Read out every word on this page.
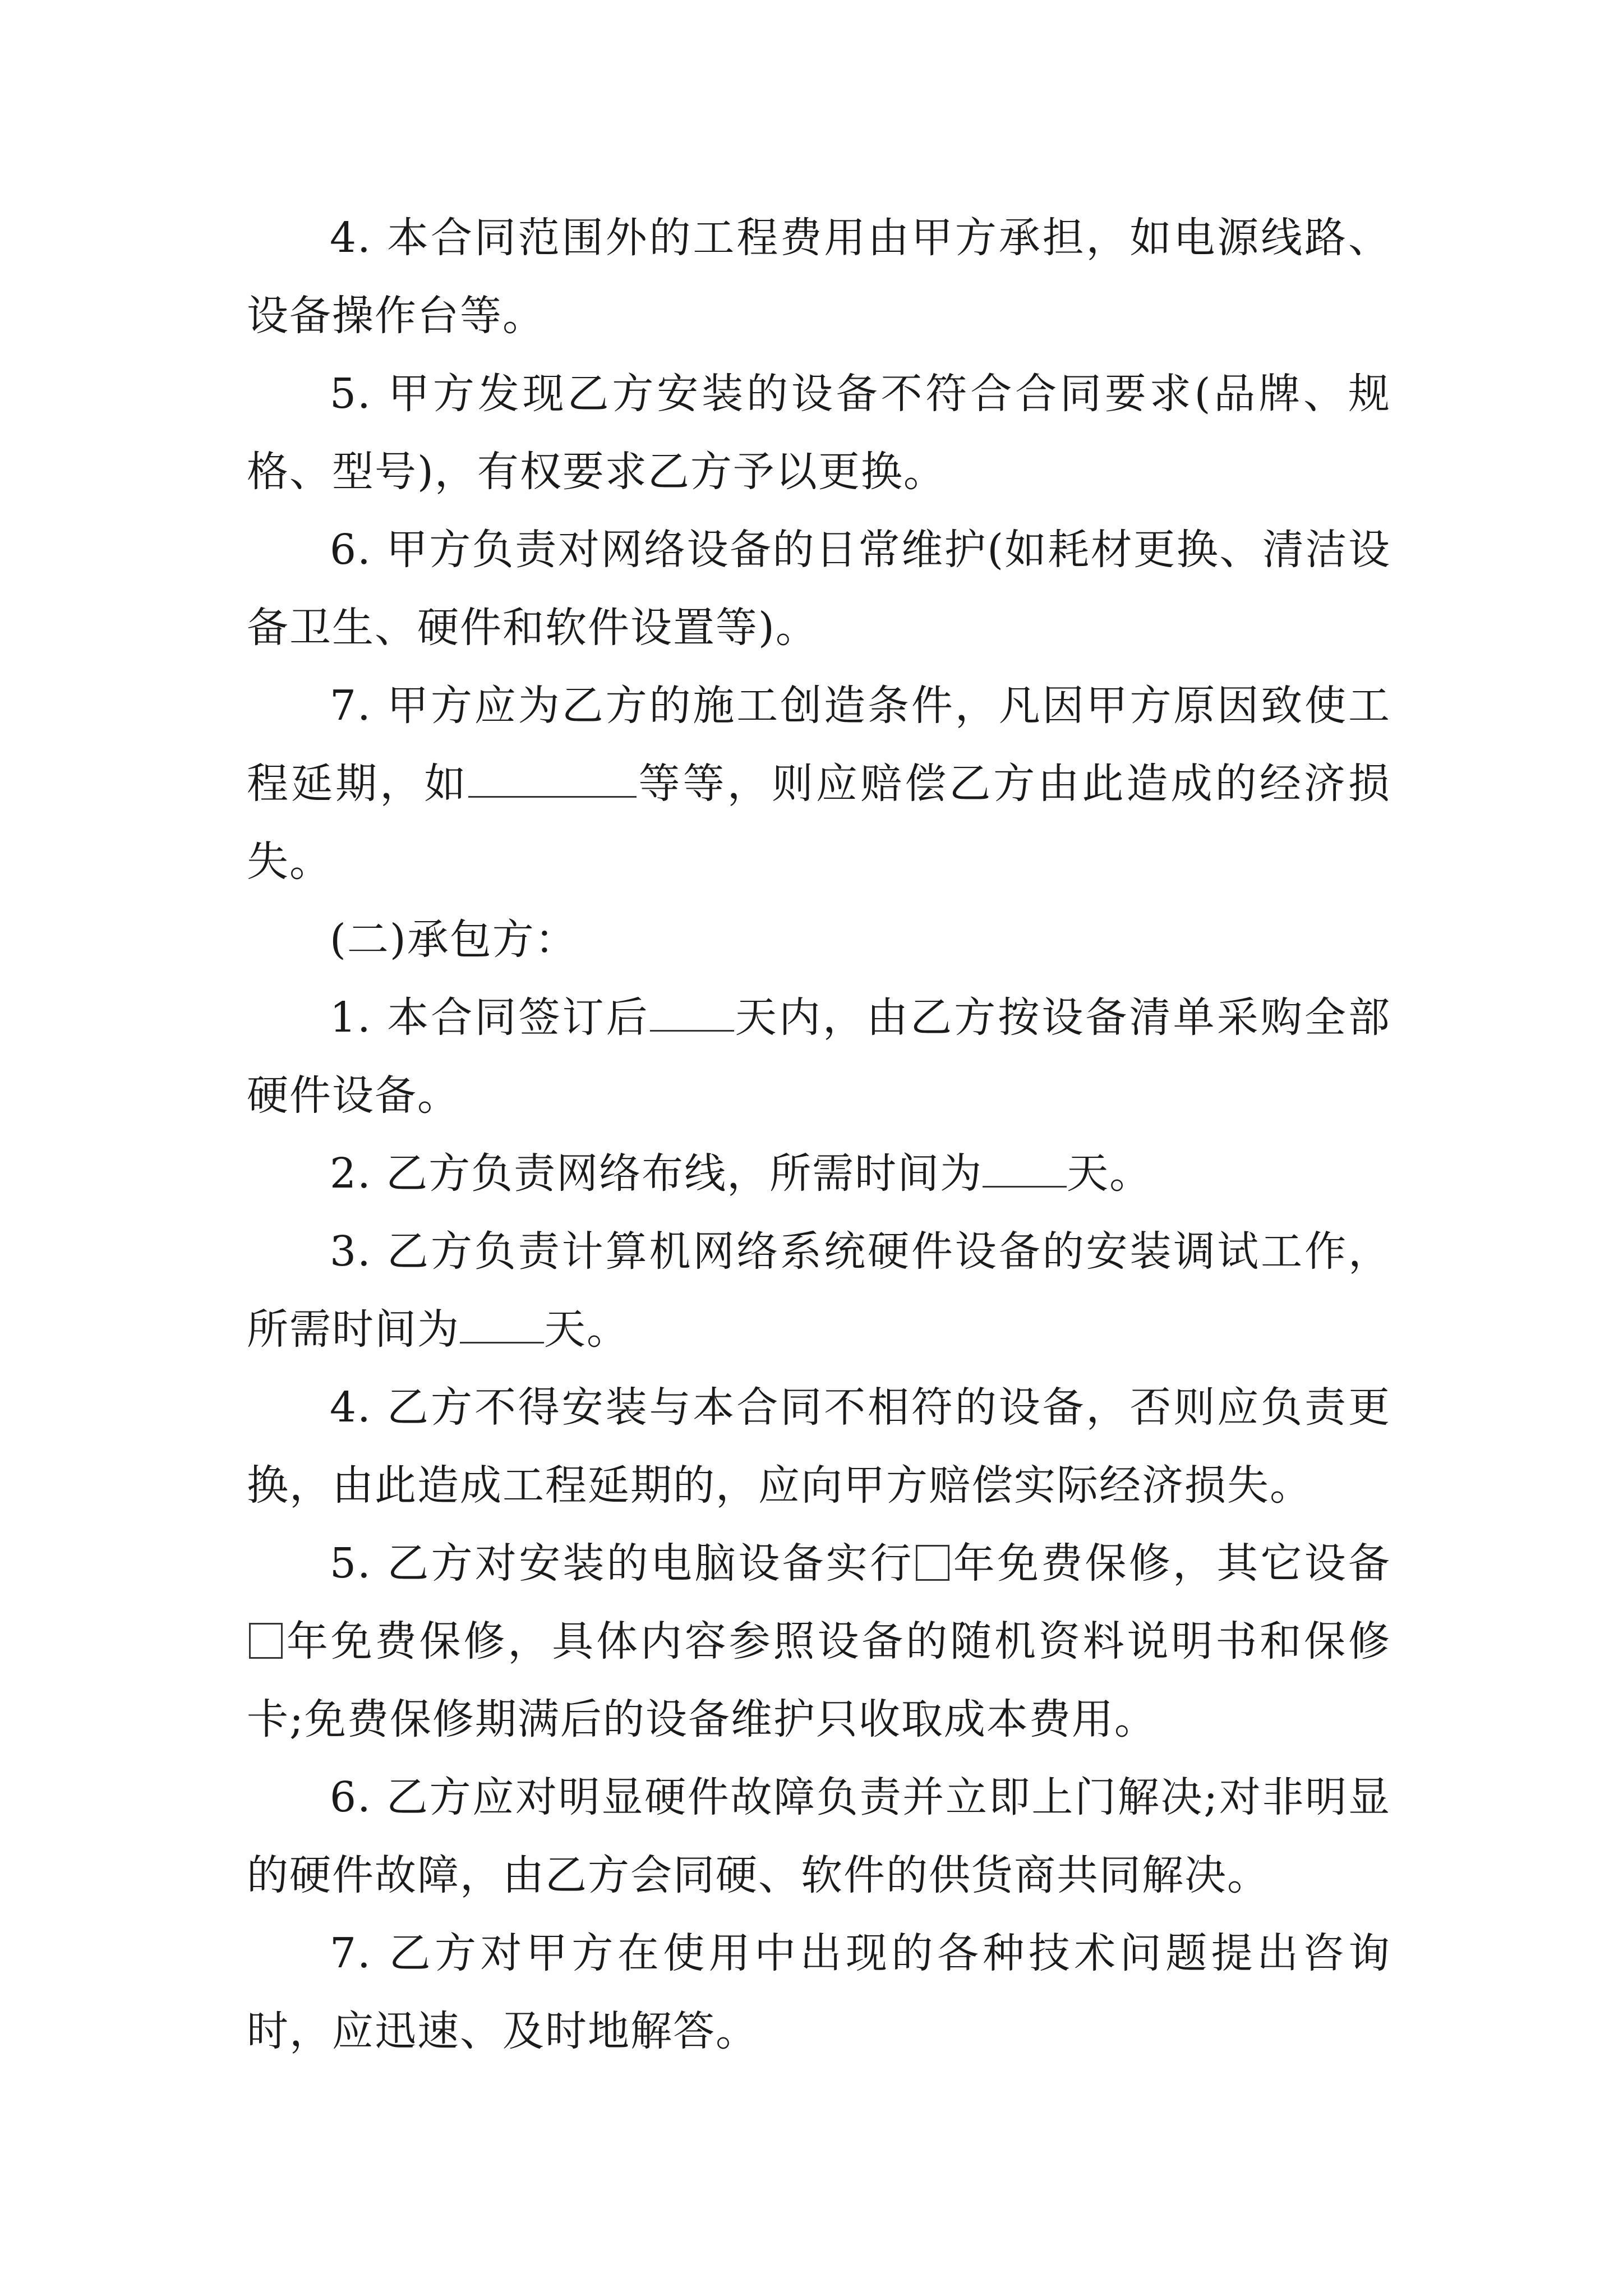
4. 本合同范围外的工程费用由甲方承担，如电源线路、设备操作台等。

5. 甲方发现乙方安装的设备不符合合同要求(品牌、规格、型号)，有权要求乙方予以更换。

6. 甲方负责对网络设备的日常维护(如耗材更换、清洁设备卫生、硬件和软件设置等)。

7. 甲方应为乙方的施工创造条件，凡因甲方原因致使工程延期，如	等等，则应赔偿乙方由此造成的经济损失。

(二)承包方：

1. 本合同签订后 天内，由乙方按设备清单采购全部硬件设备。

2. 乙方负责网络布线，所需时间为 天。

3. 乙方负责计算机网络系统硬件设备的安装调试工作，所需时间为 天。

4. 乙方不得安装与本合同不相符的设备，否则应负责更换，由此造成工程延期的，应向甲方赔偿实际经济损失。

5. 乙方对安装的电脑设备实行 年免费保修，其它设备年免费保修，具体内容参照设备的随机资料说明书和保修卡;免费保修期满后的设备维护只收取成本费用。

6. 乙方应对明显硬件故障负责并立即上门解决;对非明显的硬件故障，由乙方会同硬、软件的供货商共同解决。

7. 乙方对甲方在使用中出现的各种技术问题提出咨询时，应迅速、及时地解答。
